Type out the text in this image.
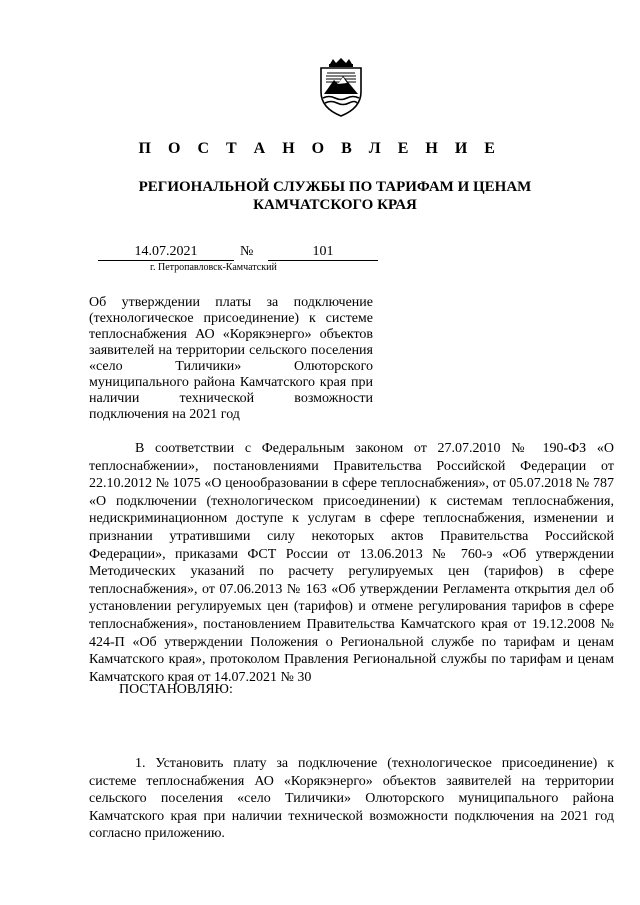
П О С Т А Н О В Л Е Н И Е
РЕГИОНАЛЬНОЙ СЛУЖБЫ ПО ТАРИФАМ И ЦЕНАМ
КАМЧАТСКОГО КРАЯ
14.07.2021	№	101
г. Петропавловск-Камчатский
Об утверждении платы за подключение (технологическое присоединение) к системе теплоснабжения АО «Корякэнерго» объектов заявителей на территории сельского поселения «село Тиличики» Олюторского муниципального района Камчатского края при наличии технической возможности подключения на 2021 год

В соответствии с Федеральным законом от 27.07.2010 № 190-ФЗ «О теплоснабжении», постановлениями Правительства Российской Федерации от 22.10.2012 № 1075 «О ценообразовании в сфере теплоснабжения», от 05.07.2018 № 787 «О подключении (технологическом присоединении) к системам теплоснабжения, недискриминационном доступе к услугам в сфере теплоснабжения, изменении и признании утратившими силу некоторых актов Правительства Российской Федерации», приказами ФСТ России от 13.06.2013 № 760-э «Об утверждении Методических указаний по расчету регулируемых цен (тарифов) в сфере теплоснабжения», от 07.06.2013 № 163 «Об утверждении Регламента открытия дел об установлении регулируемых цен (тарифов) и отмене регулирования тарифов в сфере теплоснабжения», постановлением Правительства Камчатского края от 19.12.2008 № 424-П «Об утверждении Положения о Региональной службе по тарифам и ценам Камчатского края», протоколом Правления Региональной службы по тарифам и ценам Камчатского края от 14.07.2021 № 30

ПОСТАНОВЛЯЮ:

1. Установить плату за подключение (технологическое присоединение) к системе теплоснабжения АО «Корякэнерго» объектов заявителей на территории сельского поселения «село Тиличики» Олюторского муниципального района Камчатского края при наличии технической возможности подключения на 2021 год согласно приложению.
